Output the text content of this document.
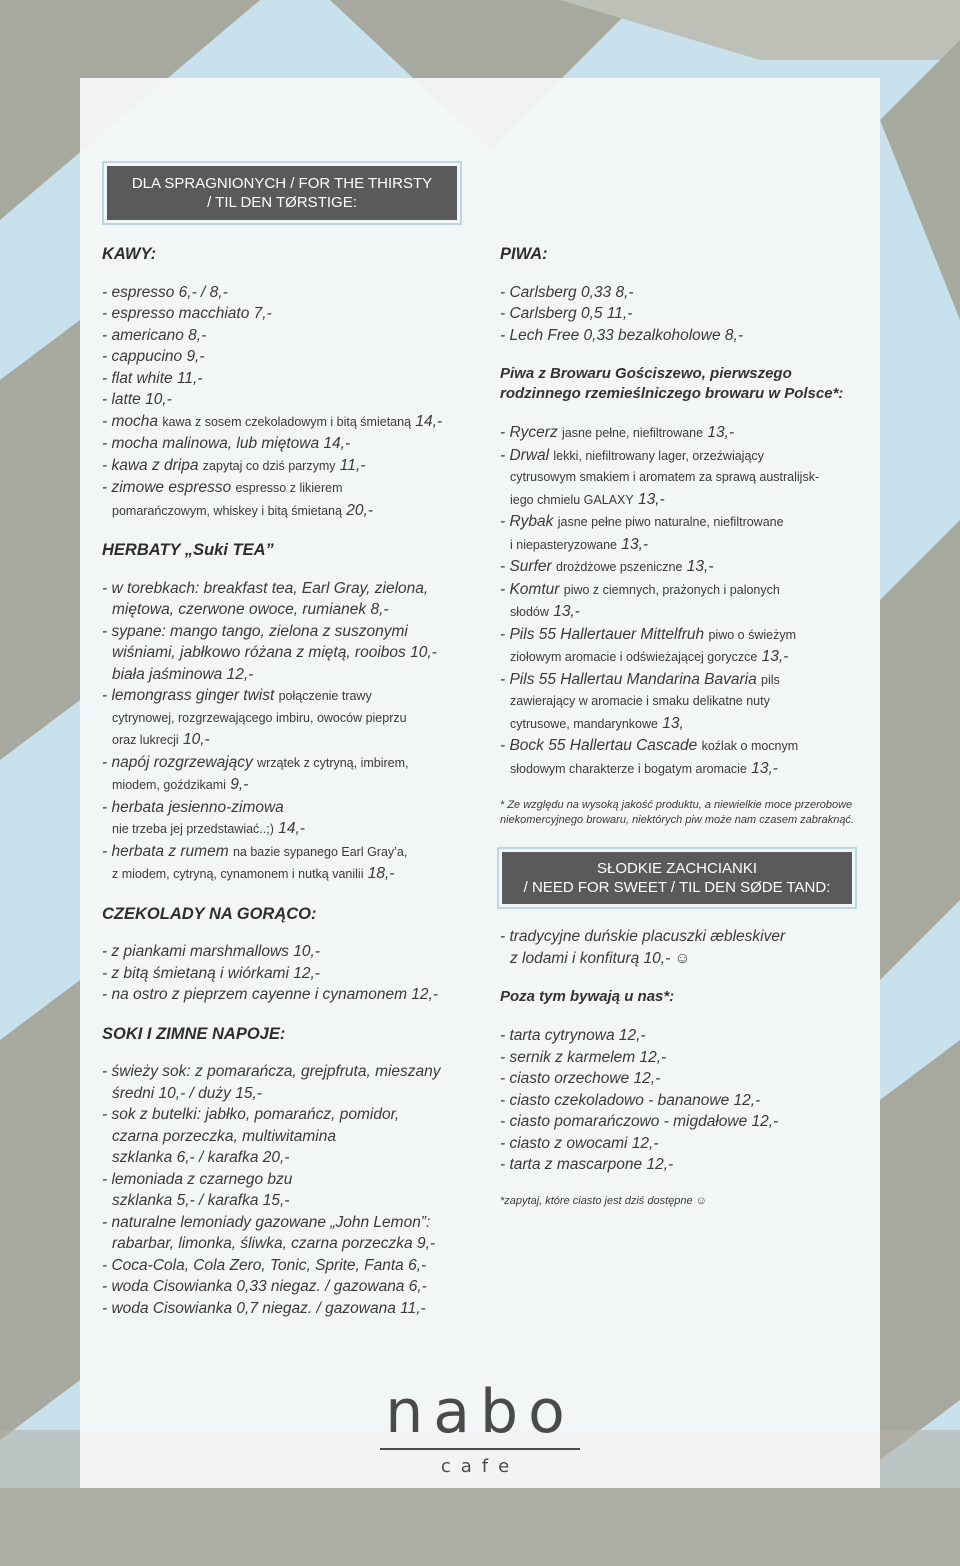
DLA SPRAGNIONYCH / FOR THE THIRSTY
/ TIL DEN TØRSTIGE:
KAWY:
- espresso 6,- / 8,-
- espresso macchiato 7,-
- americano 8,-
- cappucino 9,-
- flat white 11,-
- latte 10,-
- mocha kawa z sosem czekoladowym i bitą śmietaną 14,-
- mocha malinowa, lub miętowa 14,-
- kawa z dripa zapytaj co dziś parzymy 11,-
- zimowe espresso espresso z likierem
pomarańczowym, whiskey i bitą śmietaną 20,-
HERBATY „Suki TEA”
- w torebkach: breakfast tea, Earl Gray, zielona,
miętowa, czerwone owoce, rumianek 8,-
- sypane: mango tango, zielona z suszonymi
wiśniami, jabłkowo różana z miętą, rooibos 10,-
biała jaśminowa 12,-
- lemongrass ginger twist połączenie trawy
cytrynowej, rozgrzewającego imbiru, owoców pieprzu
oraz lukrecji 10,-
- napój rozgrzewający wrzątek z cytryną, imbirem,
miodem, goździkami 9,-
- herbata jesienno-zimowa
nie trzeba jej przedstawiać..;) 14,-
- herbata z rumem na bazie sypanego Earl Gray’a,
z miodem, cytryną, cynamonem i nutką vanilii 18,-
CZEKOLADY NA GORĄCO:
- z piankami marshmallows 10,-
- z bitą śmietaną i wiórkami 12,-
- na ostro z pieprzem cayenne i cynamonem 12,-
SOKI I ZIMNE NAPOJE:
- świeży sok: z pomarańcza, grejpfruta, mieszany
średni 10,- / duży 15,-
- sok z butelki: jabłko, pomarańcz, pomidor,
czarna porzeczka, multiwitamina
szklanka 6,- / karafka 20,-
- lemoniada z czarnego bzu
szklanka 5,- / karafka 15,-
- naturalne lemoniady gazowane „John Lemon”:
rabarbar, limonka, śliwka, czarna porzeczka 9,-
- Coca-Cola, Cola Zero, Tonic, Sprite, Fanta 6,-
- woda Cisowianka 0,33 niegaz. / gazowana 6,-
- woda Cisowianka 0,7 niegaz. / gazowana 11,-
PIWA:
- Carlsberg 0,33 8,-
- Carlsberg 0,5 11,-
- Lech Free 0,33 bezalkoholowe 8,-
Piwa z Browaru Gościszewo, pierwszego
rodzinnego rzemieślniczego browaru w Polsce*:
- Rycerz jasne pełne, niefiltrowane 13,-
- Drwal lekki, niefiltrowany lager, orzeźwiający
cytrusowym smakiem i aromatem za sprawą australijsk-
iego chmielu GALAXY 13,-
- Rybak jasne pełne piwo naturalne, niefiltrowane
i niepasteryzowane 13,-
- Surfer drożdżowe pszeniczne 13,-
- Komtur piwo z ciemnych, prażonych i palonych
słodów 13,-
- Pils 55 Hallertauer Mittelfruh piwo o świeżym
ziołowym aromacie i odświeżającej goryczce 13,-
- Pils 55 Hallertau Mandarina Bavaria pils
zawierający w aromacie i smaku delikatne nuty
cytrusowe, mandarynkowe 13,
- Bock 55 Hallertau Cascade koźlak o mocnym
słodowym charakterze i bogatym aromacie 13,-
* Ze względu na wysoką jakość produktu, a niewielkie moce przerobowe niekomercyjnego browaru, niektórych piw może nam czasem zabraknąć.
SŁODKIE ZACHCIANKI
/ NEED FOR SWEET / TIL DEN SØDE TAND:
- tradycyjne duńskie placuszki æbleskiver
z lodami i konfiturą 10,- ☺
Poza tym bywają u nas*:
- tarta cytrynowa 12,-
- sernik z karmelem 12,-
- ciasto orzechowe 12,-
- ciasto czekoladowo - bananowe 12,-
- ciasto pomarańczowo - migdałowe 12,-
- ciasto z owocami 12,-
- tarta z mascarpone 12,-
*zapytaj, które ciasto jest dziś dostępne ☺
nabo
cafe
